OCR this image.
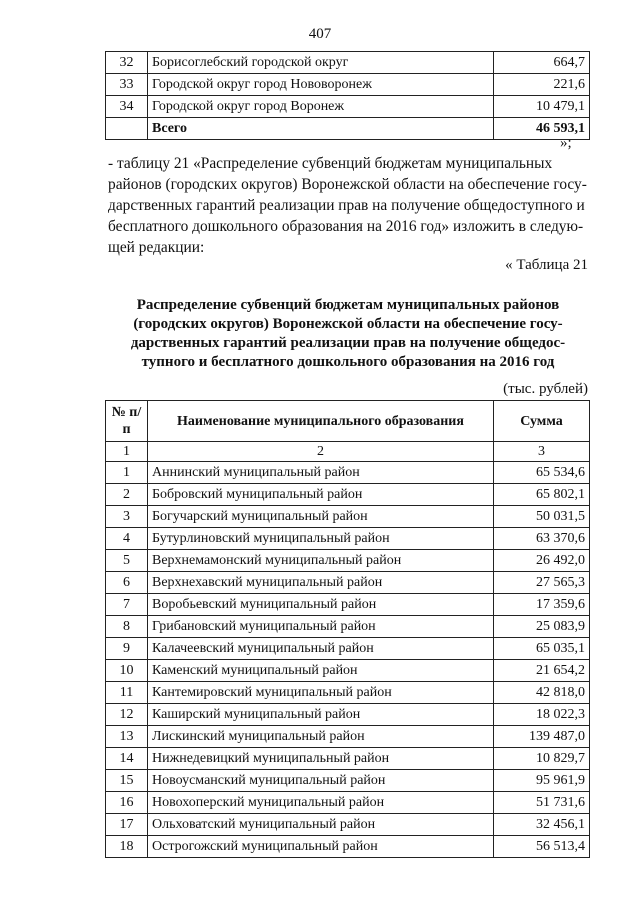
407
32	Борисоглебский городской округ	664,7
33	Городской округ город Нововоронеж	221,6
34	Городской округ город Воронеж	10 479,1
	Всего	46 593,1
»;
- таблицу 21 «Распределение субвенций бюджетам муниципальных
районов (городских округов) Воронежской области на обеспечение госу-
дарственных гарантий реализации прав на получение общедоступного и
бесплатного дошкольного образования на 2016 год» изложить в следую-
щей редакции:
« Таблица 21
Распределение субвенций бюджетам муниципальных районов
(городских округов) Воронежской области на обеспечение госу-
дарственных гарантий реализации прав на получение общедос-
тупного и бесплатного дошкольного образования на 2016 год
(тыс. рублей)
№ п/п	Наименование муниципального образования	Сумма
1	2	3
1	Аннинский муниципальный район	65 534,6
2	Бобровский муниципальный район	65 802,1
3	Богучарский муниципальный район	50 031,5
4	Бутурлиновский муниципальный район	63 370,6
5	Верхнемамонский муниципальный район	26 492,0
6	Верхнехавский муниципальный район	27 565,3
7	Воробьевский муниципальный район	17 359,6
8	Грибановский муниципальный район	25 083,9
9	Калачеевский муниципальный район	65 035,1
10	Каменский муниципальный район	21 654,2
11	Кантемировский муниципальный район	42 818,0
12	Каширский муниципальный район	18 022,3
13	Лискинский муниципальный район	139 487,0
14	Нижнедевицкий муниципальный район	10 829,7
15	Новоусманский муниципальный район	95 961,9
16	Новохоперский муниципальный район	51 731,6
17	Ольховатский муниципальный район	32 456,1
18	Острогожский муниципальный район	56 513,4
